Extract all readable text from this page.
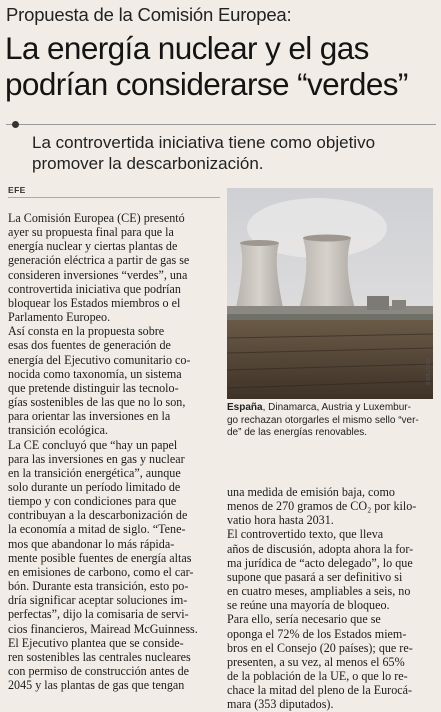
Propuesta de la Comisión Europea:
La energía nuclear y el gas
podrían considerarse “verdes”
La controvertida iniciativa tiene como objetivo
promover la descarbonización.
EFE
La Comisión Europea (CE) presentó
ayer su propuesta final para que la
energía nuclear y ciertas plantas de
generación eléctrica a partir de gas se
consideren inversiones “verdes”, una
controvertida iniciativa que podrían
bloquear los Estados miembros o el
Parlamento Europeo.
Así consta en la propuesta sobre
esas dos fuentes de generación de
energía del Ejecutivo comunitario co-
nocida como taxonomía, un sistema
que pretende distinguir las tecnolo-
gías sostenibles de las que no lo son,
para orientar las inversiones en la
transición ecológica.
La CE concluyó que “hay un papel
para las inversiones en gas y nuclear
en la transición energética”, aunque
solo durante un período limitado de
tiempo y con condiciones para que
contribuyan a la descarbonización de
la economía a mitad de siglo. “Tene-
mos que abandonar lo más rápida-
mente posible fuentes de energía altas
en emisiones de carbono, como el car-
bón. Durante esta transición, esto po-
dría significar aceptar soluciones im-
perfectas”, dijo la comisaria de servi-
cios financieros, Mairead McGuinness.
El Ejecutivo plantea que se conside-
ren sostenibles las centrales nucleares
con permiso de construcción antes de
2045 y las plantas de gas que tengan
REUTERS
España, Dinamarca, Austria y Luxembur-
go rechazan otorgarles el mismo sello “ver-
de” de las energías renovables.
una medida de emisión baja, como
menos de 270 gramos de CO₂ por kilo-
vatio hora hasta 2031.
El controvertido texto, que lleva
años de discusión, adopta ahora la for-
ma jurídica de “acto delegado”, lo que
supone que pasará a ser definitivo si
en cuatro meses, ampliables a seis, no
se reúne una mayoría de bloqueo.
Para ello, sería necesario que se
oponga el 72% de los Estados miem-
bros en el Consejo (20 países); que re-
presenten, a su vez, al menos el 65%
de la población de la UE, o que lo re-
chace la mitad del pleno de la Eurocá-
mara (353 diputados).
